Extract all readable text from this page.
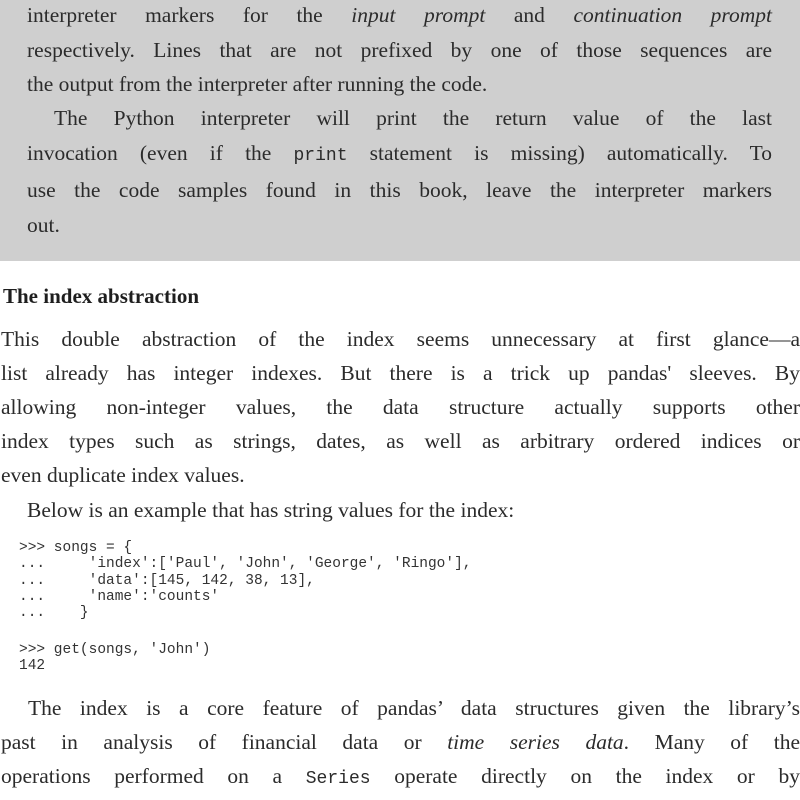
interpreter markers for the input prompt and continuation prompt
respectively. Lines that are not prefixed by one of those sequences are
the output from the interpreter after running the code.

The Python interpreter will print the return value of the last
invocation (even if the print statement is missing) automatically. To
use the code samples found in this book, leave the interpreter markers
out.

The index abstraction

This double abstraction of the index seems unnecessary at first glance—a
list already has integer indexes. But there is a trick up pandas' sleeves. By
allowing non-integer values, the data structure actually supports other
index types such as strings, dates, as well as arbitrary ordered indices or
even duplicate index values.

Below is an example that has string values for the index:

>>> songs = {
...     'index':['Paul', 'John', 'George', 'Ringo'],
...     'data':[145, 142, 38, 13],
...     'name':'counts'
...    }
>>> get(songs, 'John')
142

The index is a core feature of pandas’ data structures given the library’s
past in analysis of financial data or time series data. Many of the
operations performed on a Series operate directly on the index or by
